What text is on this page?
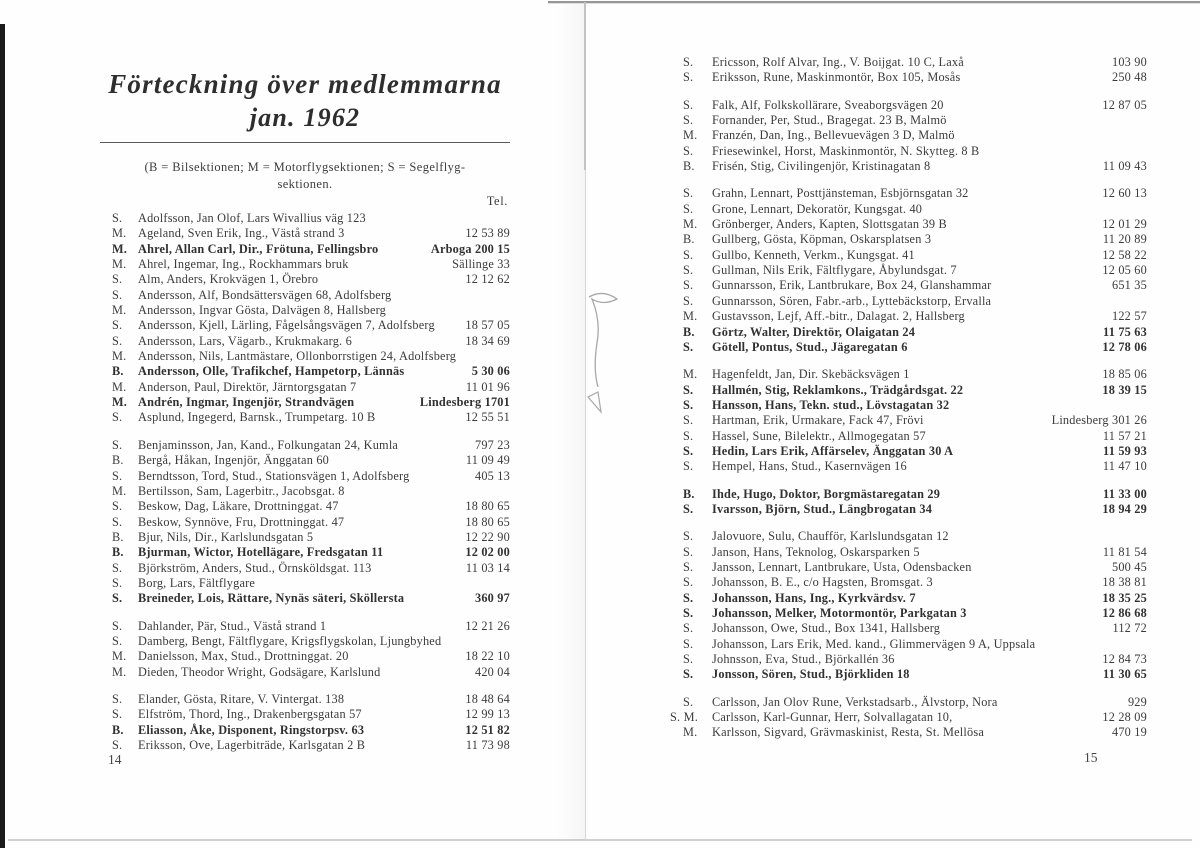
Förteckning över medlemmarna
jan. 1962
(B = Bilsektionen; M = Motorflygsektionen; S = Segelflyg-
sektionen.
Tel.
S.	Adolfsson, Jan Olof, Lars Wivallius väg 123
M. Ageland, Sven Erik, Ing., Västå strand 3	12 53 89
M. Ahrel, Allan Carl, Dir., Frötuna, Fellingsbro	Arboga 200 15
M. Ahrel, Ingemar, Ing., Rockhammars bruk	Sällinge 33
S.	Alm, Anders, Krokvägen 1, Örebro	12 12 62
S.	Andersson, Alf, Bondsättersvägen 68, Adolfsberg
M. Andersson, Ingvar Gösta, Dalvägen 8, Hallsberg
S.	Andersson, Kjell, Lärling, Fågelsångsvägen 7, Adolfsberg	18 57 05
S.	Andersson, Lars, Vägarb., Krukmakarg. 6	18 34 69
M. Andersson, Nils, Lantmästare, Ollonborrstigen 24, Adolfsberg
B.	Andersson, Olle, Trafikchef, Hampetorp, Lännäs	5 30 06
M. Anderson, Paul, Direktör, Järntorgsgatan 7	11 01 96
M. Andrén, Ingmar, Ingenjör, Strandvägen	Lindesberg 1701
S.	Asplund, Ingegerd, Barnsk., Trumpetarg. 10 B	12 55 51
S.	Benjaminsson, Jan, Kand., Folkungatan 24, Kumla	797 23
B.	Bergå, Håkan, Ingenjör, Änggatan 60	11 09 49
S.	Berndtsson, Tord, Stud., Stationsvägen 1, Adolfsberg	405 13
M. Bertilsson, Sam, Lagerbitr., Jacobsgat. 8
S.	Beskow, Dag, Läkare, Drottninggat. 47	18 80 65
S.	Beskow, Synnöve, Fru, Drottninggat. 47	18 80 65
B.	Bjur, Nils, Dir., Karlslundsgatan 5	12 22 90
B.	Bjurman, Wictor, Hotellägare, Fredsgatan 11	12 02 00
S.	Björkström, Anders, Stud., Örnsköldsgat. 113	11 03 14
S.	Borg, Lars, Fältflygare
S.	Breineder, Lois, Rättare, Nynäs säteri, Sköllersta	360 97
S.	Dahlander, Pär, Stud., Västå strand 1	12 21 26
S.	Damberg, Bengt, Fältflygare, Krigsflygskolan, Ljungbyhed
M. Danielsson, Max, Stud., Drottninggat. 20	18 22 10
M. Dieden, Theodor Wright, Godsägare, Karlslund	420 04
S.	Elander, Gösta, Ritare, V. Vintergat. 138	18 48 64
S.	Elfström, Thord, Ing., Drakenbergsgatan 57	12 99 13
B.	Eliasson, Åke, Disponent, Ringstorpsv. 63	12 51 82
S.	Eriksson, Ove, Lagerbiträde, Karlsgatan 2 B	11 73 98
14
S.	Ericsson, Rolf Alvar, Ing., V. Boijgat. 10 C, Laxå	103 90
S.	Eriksson, Rune, Maskinmontör, Box 105, Mosås	250 48
S.	Falk, Alf, Folkskollärare, Sveaborgsvägen 20	12 87 05
S.	Fornander, Per, Stud., Bragegat. 23 B, Malmö
M.	Franzén, Dan, Ing., Bellevuevägen 3 D, Malmö
S.	Friesewinkel, Horst, Maskinmontör, N. Skytteg. 8 B
B.	Frisén, Stig, Civilingenjör, Kristinagatan 8	11 09 43
S.	Grahn, Lennart, Posttjänsteman, Esbjörnsgatan 32	12 60 13
S.	Grone, Lennart, Dekoratör, Kungsgat. 40
M.	Grönberger, Anders, Kapten, Slottsgatan 39 B	12 01 29
B.	Gullberg, Gösta, Köpman, Oskarsplatsen 3	11 20 89
S.	Gullbo, Kenneth, Verkm., Kungsgat. 41	12 58 22
S.	Gullman, Nils Erik, Fältflygare, Åbylundsgat. 7	12 05 60
S.	Gunnarsson, Erik, Lantbrukare, Box 24, Glanshammar	651 35
S.	Gunnarsson, Sören, Fabr.-arb., Lyttebäckstorp, Ervalla
M.	Gustavsson, Lejf, Aff.-bitr., Dalagat. 2, Hallsberg	122 57
B.	Görtz, Walter, Direktör, Olaigatan 24	11 75 63
S.	Götell, Pontus, Stud., Jägaregatan 6	12 78 06
M.	Hagenfeldt, Jan, Dir. Skebäcksvägen 1	18 85 06
S.	Hallmén, Stig, Reklamkons., Trädgårdsgat. 22	18 39 15
S.	Hansson, Hans, Tekn. stud., Lövstagatan 32
S.	Hartman, Erik, Urmakare, Fack 47, Frövi	Lindesberg 301 26
S.	Hassel, Sune, Bilelektr., Allmogegatan 57	11 57 21
S.	Hedin, Lars Erik, Affärselev, Änggatan 30 A	11 59 93
S.	Hempel, Hans, Stud., Kasernvägen 16	11 47 10
B.	Ihde, Hugo, Doktor, Borgmästaregatan 29	11 33 00
S.	Ivarsson, Björn, Stud., Längbrogatan 34	18 94 29
S.	Jalovuore, Sulu, Chaufför, Karlslundsgatan 12
S.	Janson, Hans, Teknolog, Oskarsparken 5	11 81 54
S.	Jansson, Lennart, Lantbrukare, Usta, Odensbacken	500 45
S.	Johansson, B. E., c/o Hagsten, Bromsgat. 3	18 38 81
S.	Johansson, Hans, Ing., Kyrkvärdsv. 7	18 35 25
S.	Johansson, Melker, Motormontör, Parkgatan 3	12 86 68
S.	Johansson, Owe, Stud., Box 1341, Hallsberg	112 72
S.	Johansson, Lars Erik, Med. kand., Glimmervägen 9 A, Uppsala
S.	Johnsson, Eva, Stud., Björkallén 36	12 84 73
S.	Jonsson, Sören, Stud., Björkliden 18	11 30 65
S.	Carlsson, Jan Olov Rune, Verkstadsarb., Älvstorp, Nora	929
S. M.	Carlsson, Karl-Gunnar, Herr, Solvallagatan 10,	12 28 09
M.	Karlsson, Sigvard, Grävmaskinist, Resta, St. Mellösa	470 19
15
